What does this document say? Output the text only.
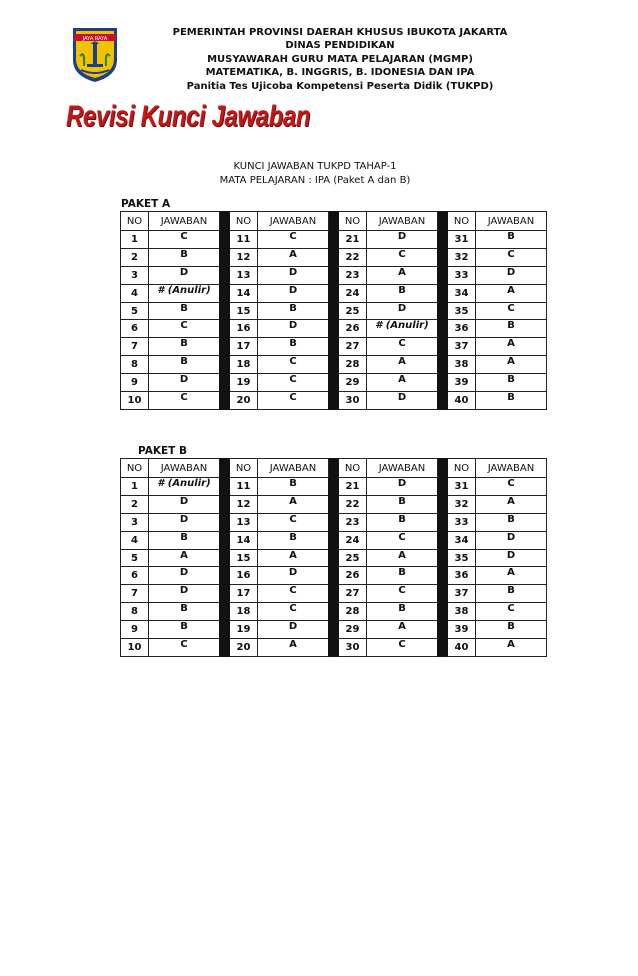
JAYA RAYA
PEMERINTAH PROVINSI DAERAH KHUSUS IBUKOTA JAKARTA
DINAS PENDIDIKAN
MUSYAWARAH GURU MATA PELAJARAN (MGMP)
MATEMATIKA, B. INGGRIS, B. IDONESIA DAN IPA
Panitia Tes Ujicoba Kompetensi Peserta Didik (TUKPD)
Revisi Kunci Jawaban
KUNCI JAWABAN TUKPD TAHAP-1
MATA PELAJARAN : IPA (Paket A dan B)
PAKET A
NO	JAWABAN		NO	JAWABAN		NO	JAWABAN		NO	JAWABAN
1	C		11	C		21	D		31	B
2	B		12	A		22	C		32	C
3	D		13	D		23	A		33	D
4	# (Anulir)		14	D		24	B		34	A
5	B		15	B		25	D		35	C
6	C		16	D		26	# (Anulir)		36	B
7	B		17	B		27	C		37	A
8	B		18	C		28	A		38	A
9	D		19	C		29	A		39	B
10	C		20	C		30	D		40	B
PAKET B
NO	JAWABAN		NO	JAWABAN		NO	JAWABAN		NO	JAWABAN
1	# (Anulir)		11	B		21	D		31	C
2	D		12	A		22	B		32	A
3	D		13	C		23	B		33	B
4	B		14	B		24	C		34	D
5	A		15	A		25	A		35	D
6	D		16	D		26	B		36	A
7	D		17	C		27	C		37	B
8	B		18	C		28	B		38	C
9	B		19	D		29	A		39	B
10	C		20	A		30	C		40	A
